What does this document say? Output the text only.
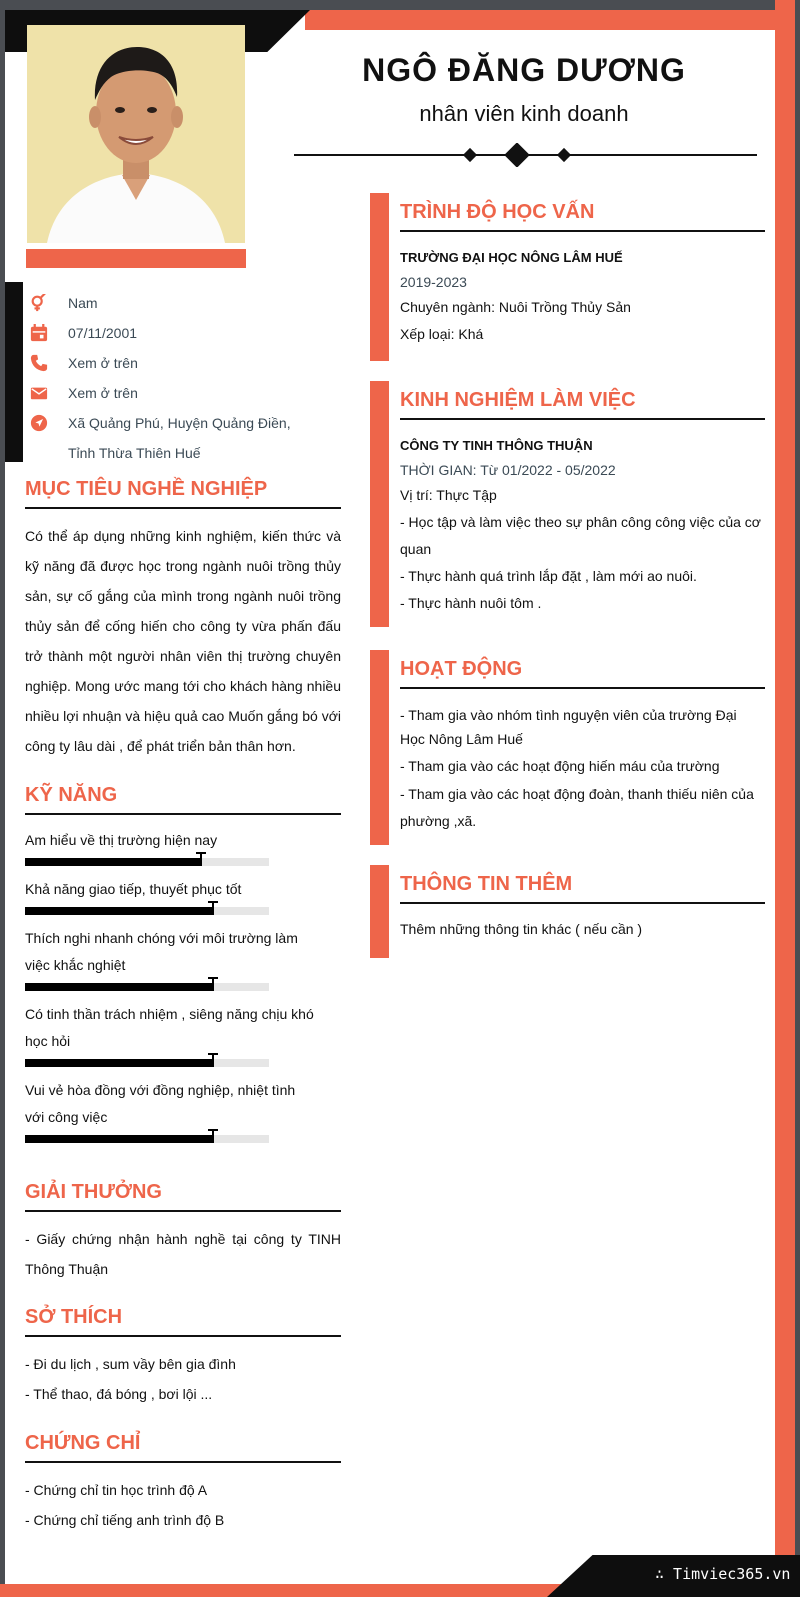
NGÔ ĐĂNG DƯƠNG
nhân viên kinh doanh
Nam
07/11/2001
Xem ở trên
Xem ở trên
Xã Quảng Phú, Huyện Quảng Điền, Tỉnh Thừa Thiên Huế
MỤC TIÊU NGHỀ NGHIỆP
Có thể áp dụng những kinh nghiệm, kiến thức và kỹ năng đã được học trong ngành nuôi trồng thủy sản, sự cố gắng của mình trong ngành nuôi trồng thủy sản để cống hiến cho công ty vừa phấn đấu trở thành một người nhân viên thị trường chuyên nghiệp. Mong ước mang tới cho khách hàng nhiều nhiều lợi nhuận và hiệu quả cao Muốn gắng bó với công ty lâu dài , để phát triển bản thân hơn.
KỸ NĂNG
Am hiểu về thị trường hiện nay
Khả năng giao tiếp, thuyết phục tốt
Thích nghi nhanh chóng với môi trường làm việc khắc nghiệt
Có tinh thần trách nhiệm , siêng năng chịu khó học hỏi
Vui vẻ hòa đồng với đồng nghiệp, nhiệt tình với công việc
GIẢI THƯỞNG
- Giấy chứng nhận hành nghề tại công ty TINH Thông Thuận
SỞ THÍCH
- Đi du lịch , sum vầy bên gia đình
- Thể thao, đá bóng , bơi lội ...
CHỨNG CHỈ
- Chứng chỉ tin học trình độ A
- Chứng chỉ tiếng anh trình độ B
TRÌNH ĐỘ HỌC VẤN
TRƯỜNG ĐẠI HỌC NÔNG LÂM HUẾ
2019-2023
Chuyên ngành: Nuôi Trồng Thủy Sản
Xếp loại: Khá
KINH NGHIỆM LÀM VIỆC
CÔNG TY TINH THÔNG THUẬN
THỜI GIAN: Từ 01/2022 - 05/2022
Vị trí: Thực Tập
- Học tập và làm việc theo sự phân công công việc của cơ quan
- Thực hành quá trình lắp đặt , làm mới ao nuôi.
- Thực hành nuôi tôm .
HOẠT ĐỘNG
- Tham gia vào nhóm tình nguyện viên của trường Đại Học Nông Lâm Huế
- Tham gia vào các hoạt động hiến máu của trường
- Tham gia vào các hoạt động đoàn, thanh thiếu niên của phường ,xã.
THÔNG TIN THÊM
Thêm những thông tin khác ( nếu cần )
∴ Timviec365.vn
